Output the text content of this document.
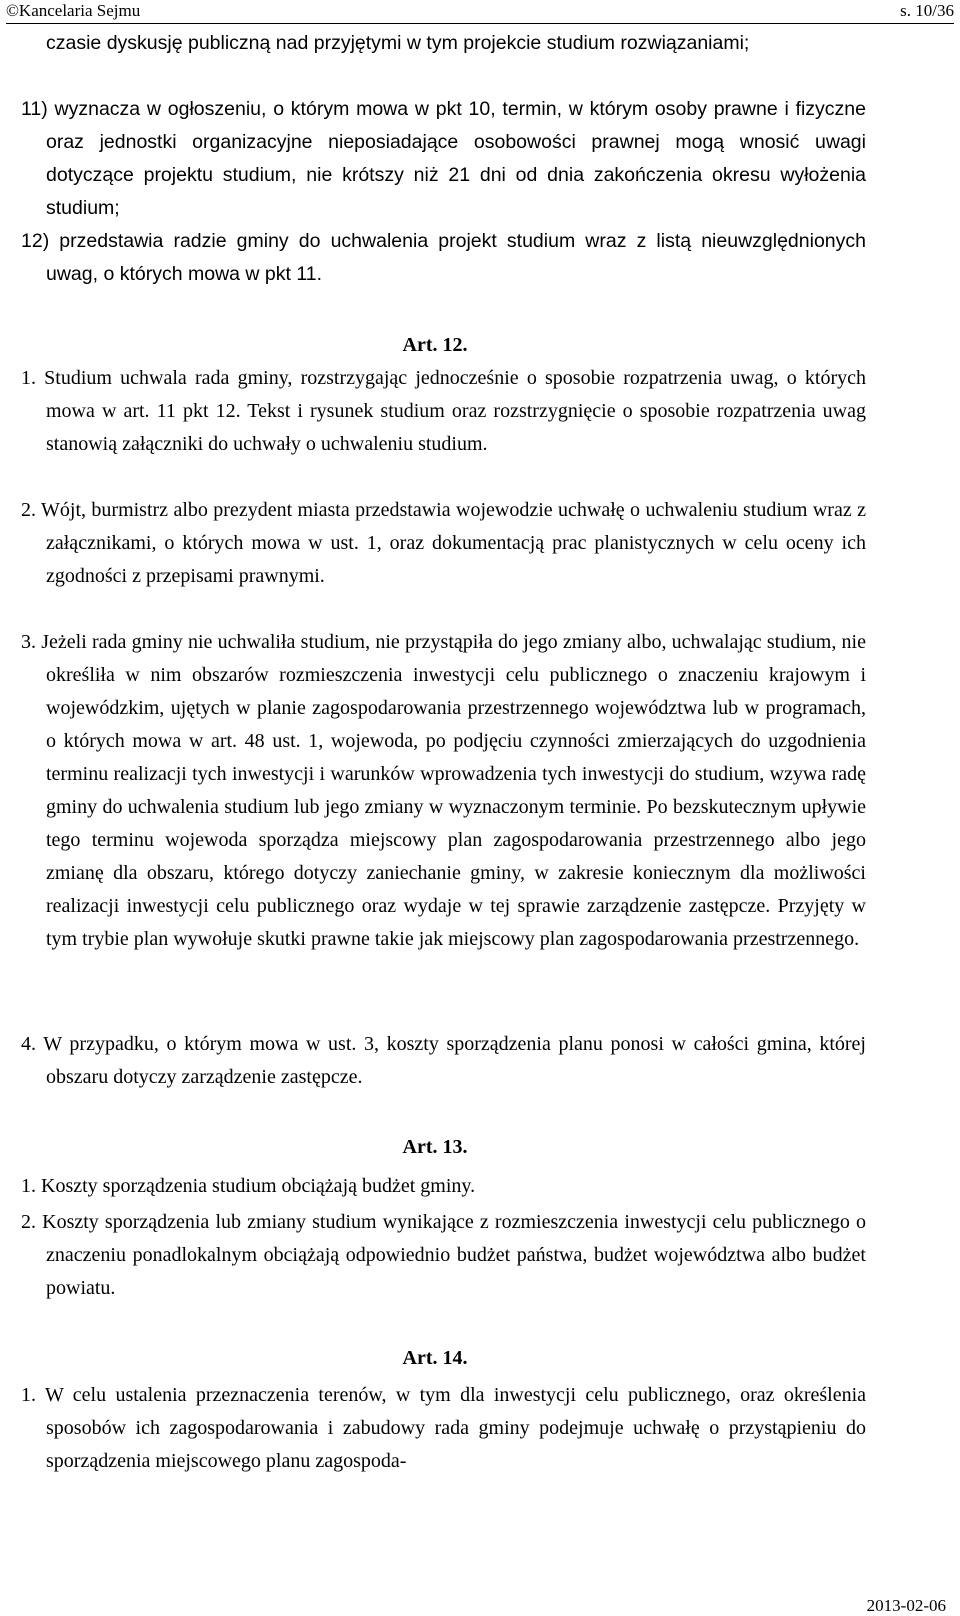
©Kancelaria Sejmu	s. 10/36
czasie dyskusję publiczną nad przyjętymi w tym projekcie studium rozwiązaniami;
11) wyznacza w ogłoszeniu, o którym mowa w pkt 10, termin, w którym osoby prawne i fizyczne oraz jednostki organizacyjne nieposiadające osobowości prawnej mogą wnosić uwagi dotyczące projektu studium, nie krótszy niż 21 dni od dnia zakończenia okresu wyłożenia studium;
12) przedstawia radzie gminy do uchwalenia projekt studium wraz z listą nieuwzględnionych uwag, o których mowa w pkt 11.
Art. 12.
1. Studium uchwala rada gminy, rozstrzygając jednocześnie o sposobie rozpatrzenia uwag, o których mowa w art. 11 pkt 12. Tekst i rysunek studium oraz rozstrzygnięcie o sposobie rozpatrzenia uwag stanowią załączniki do uchwały o uchwaleniu studium.
2. Wójt, burmistrz albo prezydent miasta przedstawia wojewodzie uchwałę o uchwaleniu studium wraz z załącznikami, o których mowa w ust. 1, oraz dokumentacją prac planistycznych w celu oceny ich zgodności z przepisami prawnymi.
3. Jeżeli rada gminy nie uchwaliła studium, nie przystąpiła do jego zmiany albo, uchwalając studium, nie określiła w nim obszarów rozmieszczenia inwestycji celu publicznego o znaczeniu krajowym i wojewódzkim, ujętych w planie zagospodarowania przestrzennego województwa lub w programach, o których mowa w art. 48 ust. 1, wojewoda, po podjęciu czynności zmierzających do uzgodnienia terminu realizacji tych inwestycji i warunków wprowadzenia tych inwestycji do studium, wzywa radę gminy do uchwalenia studium lub jego zmiany w wyznaczonym terminie. Po bezskutecznym upływie tego terminu wojewoda sporządza miejscowy plan zagospodarowania przestrzennego albo jego zmianę dla obszaru, którego dotyczy zaniechanie gminy, w zakresie koniecznym dla możliwości realizacji inwestycji celu publicznego oraz wydaje w tej sprawie zarządzenie zastępcze. Przyjęty w tym trybie plan wywołuje skutki prawne takie jak miejscowy plan zagospodarowania przestrzennego.
4. W przypadku, o którym mowa w ust. 3, koszty sporządzenia planu ponosi w całości gmina, której obszaru dotyczy zarządzenie zastępcze.
Art. 13.
1. Koszty sporządzenia studium obciążają budżet gminy.
2. Koszty sporządzenia lub zmiany studium wynikające z rozmieszczenia inwestycji celu publicznego o znaczeniu ponadlokalnym obciążają odpowiednio budżet państwa, budżet województwa albo budżet powiatu.
Art. 14.
1. W celu ustalenia przeznaczenia terenów, w tym dla inwestycji celu publicznego, oraz określenia sposobów ich zagospodarowania i zabudowy rada gminy podejmuje uchwałę o przystąpieniu do sporządzenia miejscowego planu zagospoda-
2013-02-06
